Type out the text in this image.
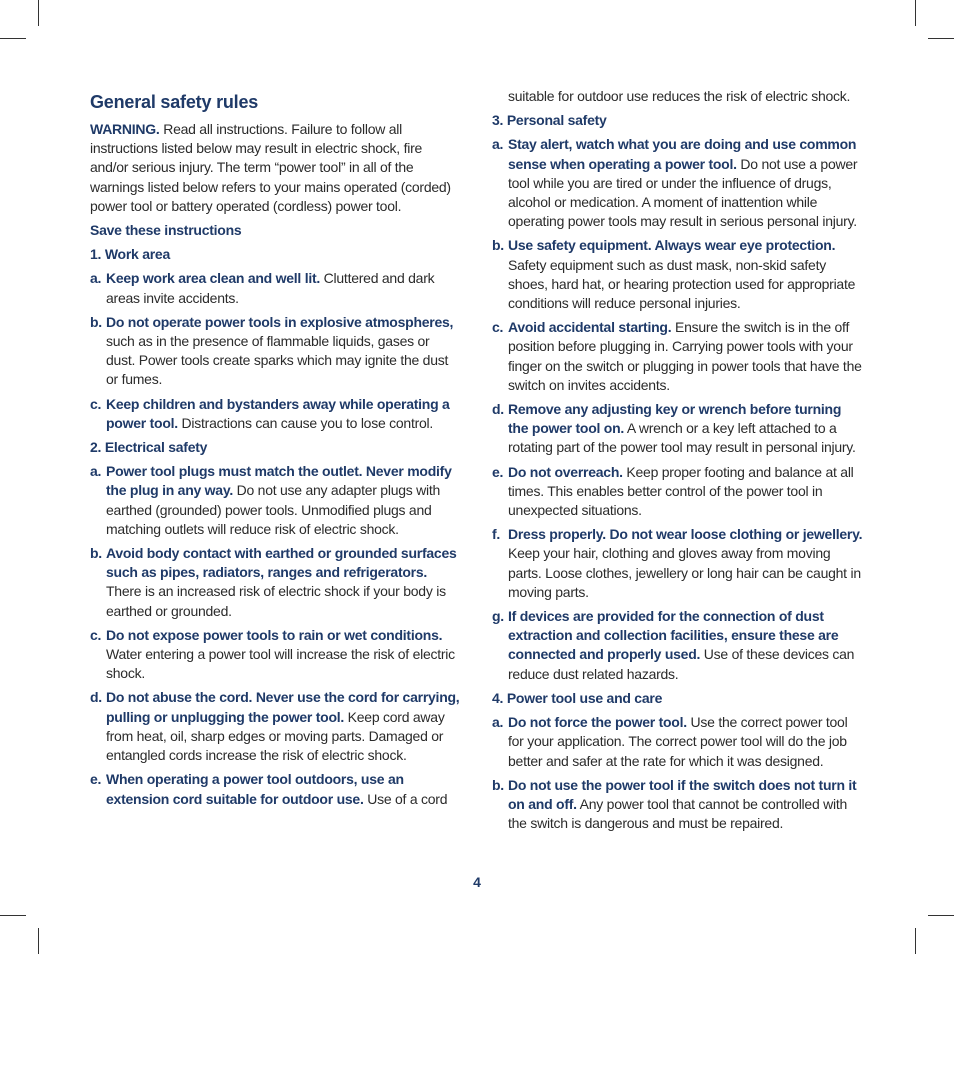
General safety rules

WARNING. Read all instructions. Failure to follow all instructions listed below may result in electric shock, fire and/or serious injury. The term “power tool” in all of the warnings listed below refers to your mains operated (corded) power tool or battery operated (cordless) power tool.

Save these instructions
1. Work area
a. Keep work area clean and well lit. Cluttered and dark areas invite accidents.
b. Do not operate power tools in explosive atmospheres, such as in the presence of flammable liquids, gases or dust. Power tools create sparks which may ignite the dust or fumes.
c. Keep children and bystanders away while operating a power tool. Distractions can cause you to lose control.
2. Electrical safety
a. Power tool plugs must match the outlet. Never modify the plug in any way. Do not use any adapter plugs with earthed (grounded) power tools. Unmodified plugs and matching outlets will reduce risk of electric shock.
b. Avoid body contact with earthed or grounded surfaces such as pipes, radiators, ranges and refrigerators. There is an increased risk of electric shock if your body is earthed or grounded.
c. Do not expose power tools to rain or wet conditions. Water entering a power tool will increase the risk of electric shock.
d. Do not abuse the cord. Never use the cord for carrying, pulling or unplugging the power tool. Keep cord away from heat, oil, sharp edges or moving parts. Damaged or entangled cords increase the risk of electric shock.
e. When operating a power tool outdoors, use an extension cord suitable for outdoor use. Use of a cord

suitable for outdoor use reduces the risk of electric shock.

3. Personal safety
a. Stay alert, watch what you are doing and use common sense when operating a power tool. Do not use a power tool while you are tired or under the influence of drugs, alcohol or medication. A moment of inattention while operating power tools may result in serious personal injury.
b. Use safety equipment. Always wear eye protection. Safety equipment such as dust mask, non-skid safety shoes, hard hat, or hearing protection used for appropriate conditions will reduce personal injuries.
c. Avoid accidental starting. Ensure the switch is in the off position before plugging in. Carrying power tools with your finger on the switch or plugging in power tools that have the switch on invites accidents.
d. Remove any adjusting key or wrench before turning the power tool on. A wrench or a key left attached to a rotating part of the power tool may result in personal injury.
e. Do not overreach. Keep proper footing and balance at all times. This enables better control of the power tool in unexpected situations.
f. Dress properly. Do not wear loose clothing or jewellery. Keep your hair, clothing and gloves away from moving parts. Loose clothes, jewellery or long hair can be caught in moving parts.
g. If devices are provided for the connection of dust extraction and collection facilities, ensure these are connected and properly used. Use of these devices can reduce dust related hazards.
4. Power tool use and care
a. Do not force the power tool. Use the correct power tool for your application. The correct power tool will do the job better and safer at the rate for which it was designed.
b. Do not use the power tool if the switch does not turn it on and off. Any power tool that cannot be controlled with the switch is dangerous and must be repaired.
4
